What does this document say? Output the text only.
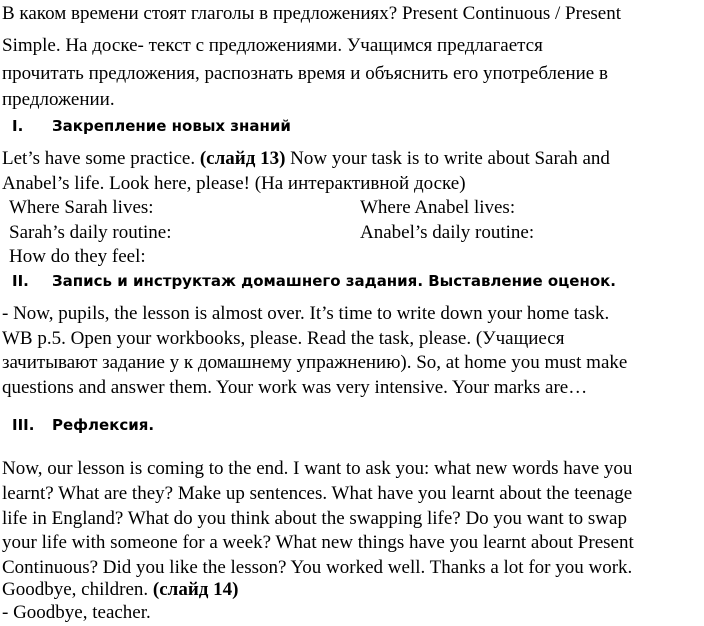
В каком времени стоят глаголы в предложениях? Present Continuous / Present

Simple. На доске- текст с предложениями. Учащимся предлагается

прочитать предложения, распознать время и объяснить его употребление в

предложении.

I. Закрепление новых знаний

Let’s have some practice. (слайд 13) Now your task is to write about Sarah and

Anabel’s life. Look here, please! (На интерактивной доске)

Where Sarah lives:	Where Anabel lives:

Sarah’s daily routine:	Anabel’s daily routine:

How do they feel:

II. Запись и инструктаж домашнего задания. Выставление оценок.

- Now, pupils, the lesson is almost over. It’s time to write down your home task.

WB p.5. Open your workbooks, please. Read the task, please. (Учащиеся

зачитывают задание у к домашнему упражнению). So, at home you must make

questions and answer them. Your work was very intensive. Your marks are…

III. Рефлексия.

Now, our lesson is coming to the end. I want to ask you: what new words have you

learnt? What are they? Make up sentences. What have you learnt about the teenage

life in England? What do you think about the swapping life? Do you want to swap

your life with someone for a week? What new things have you learnt about Present

Continuous? Did you like the lesson? You worked well. Thanks a lot for you work.

Goodbye, children. (слайд 14)

- Goodbye, teacher.
